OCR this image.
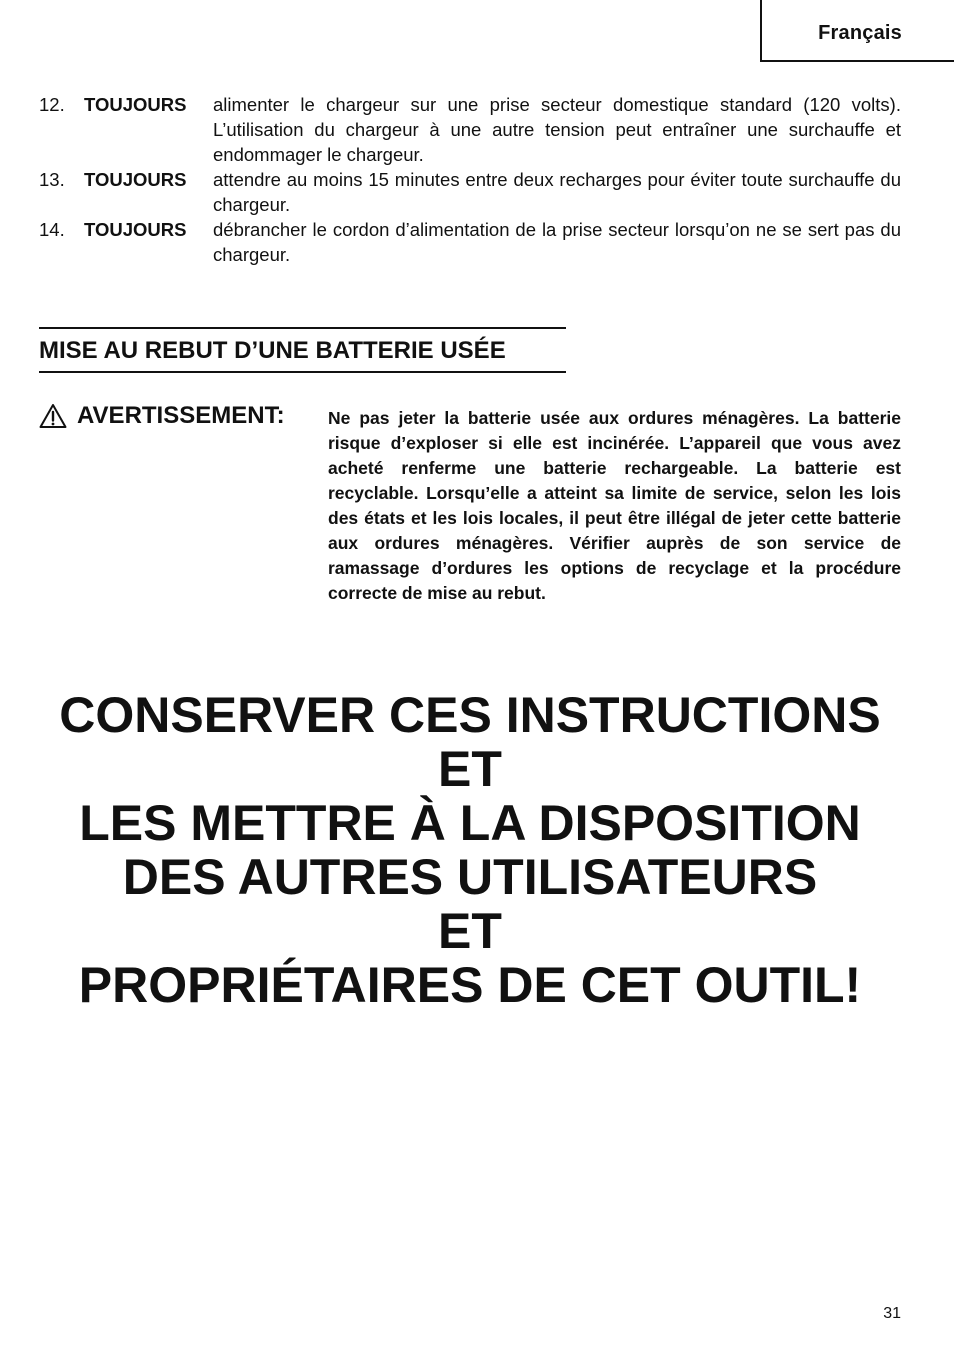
Français
12.	TOUJOURS	alimenter le chargeur sur une prise secteur domestique standard (120 volts). L’utilisation du chargeur à une autre tension peut entraîner une surchauffe et endommager le chargeur.
13.	TOUJOURS	attendre au moins 15 minutes entre deux recharges pour éviter toute surchauffe du chargeur.
14.	TOUJOURS	débrancher le cordon d’alimentation de la prise secteur lorsqu’on ne se sert pas du chargeur.
MISE AU REBUT D’UNE BATTERIE USÉE
AVERTISSEMENT: Ne pas jeter la batterie usée aux ordures ménagères. La batterie risque d’exploser si elle est incinérée. L’appareil que vous avez acheté renferme une batterie rechargeable. La batterie est recyclable. Lorsqu’elle a atteint sa limite de service, selon les lois des états et les lois locales, il peut être illégal de jeter cette batterie aux ordures ménagères. Vérifier auprès de son service de ramassage d’ordures les options de recyclage et la procédure correcte de mise au rebut.
CONSERVER CES INSTRUCTIONS
ET
LES METTRE À LA DISPOSITION
DES AUTRES UTILISATEURS
ET
PROPRIÉTAIRES DE CET OUTIL!
31
